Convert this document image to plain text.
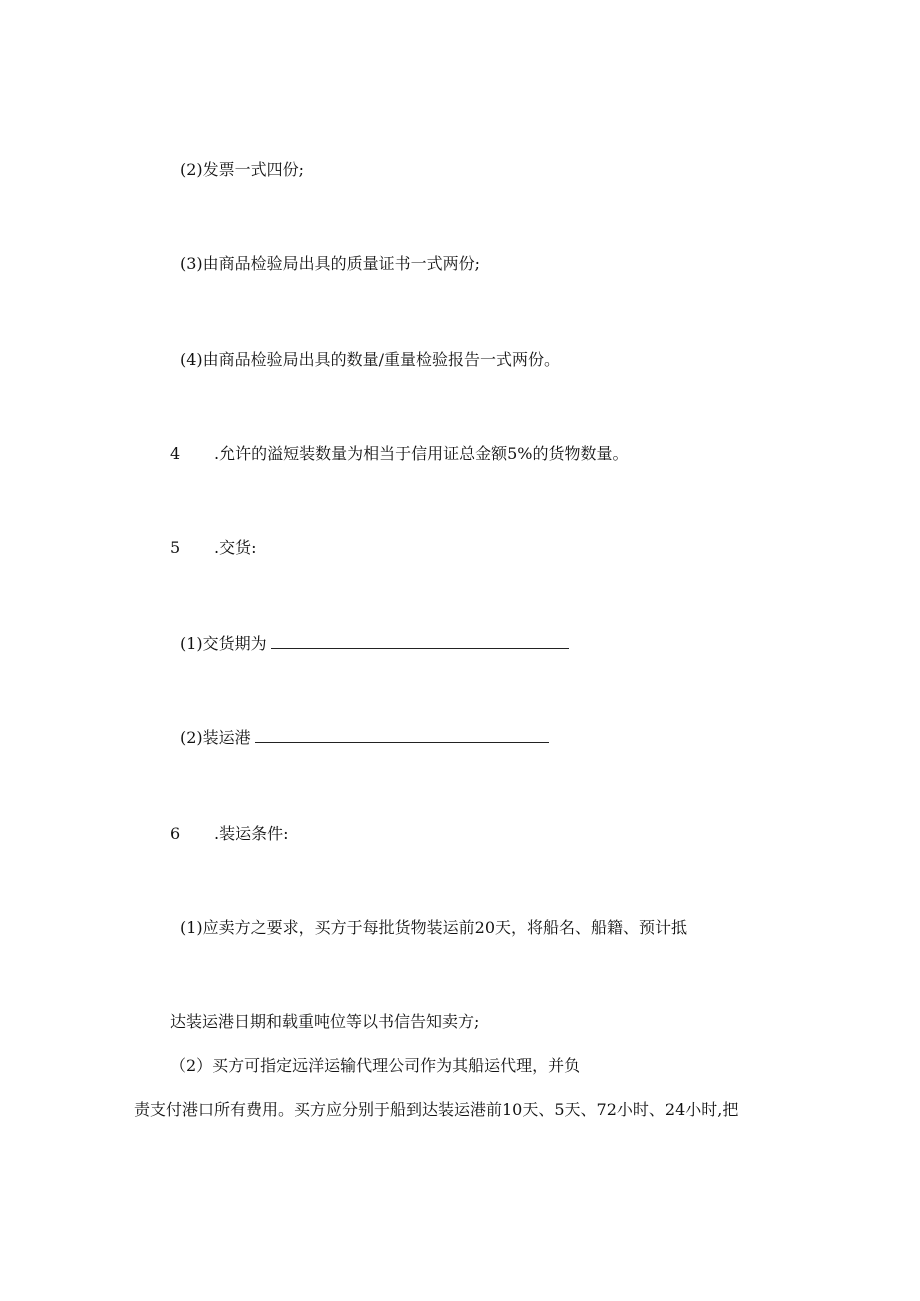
(2)发票一式四份;
(3)由商品检验局出具的质量证书一式两份;
(4)由商品检验局出具的数量/重量检验报告一式两份。
4 .允许的溢短装数量为相当于信用证总金额5%的货物数量。
5 .交货:
(1)交货期为
(2)装运港
6 .装运条件:
(1)应卖方之要求，买方于每批货物装运前20天，将船名、船籍、预计抵
达装运港日期和载重吨位等以书信告知卖方;
（2）买方可指定远洋运输代理公司作为其船运代理，并负
责支付港口所有费用。买方应分别于船到达装运港前10天、5天、72小时、24小时,把
